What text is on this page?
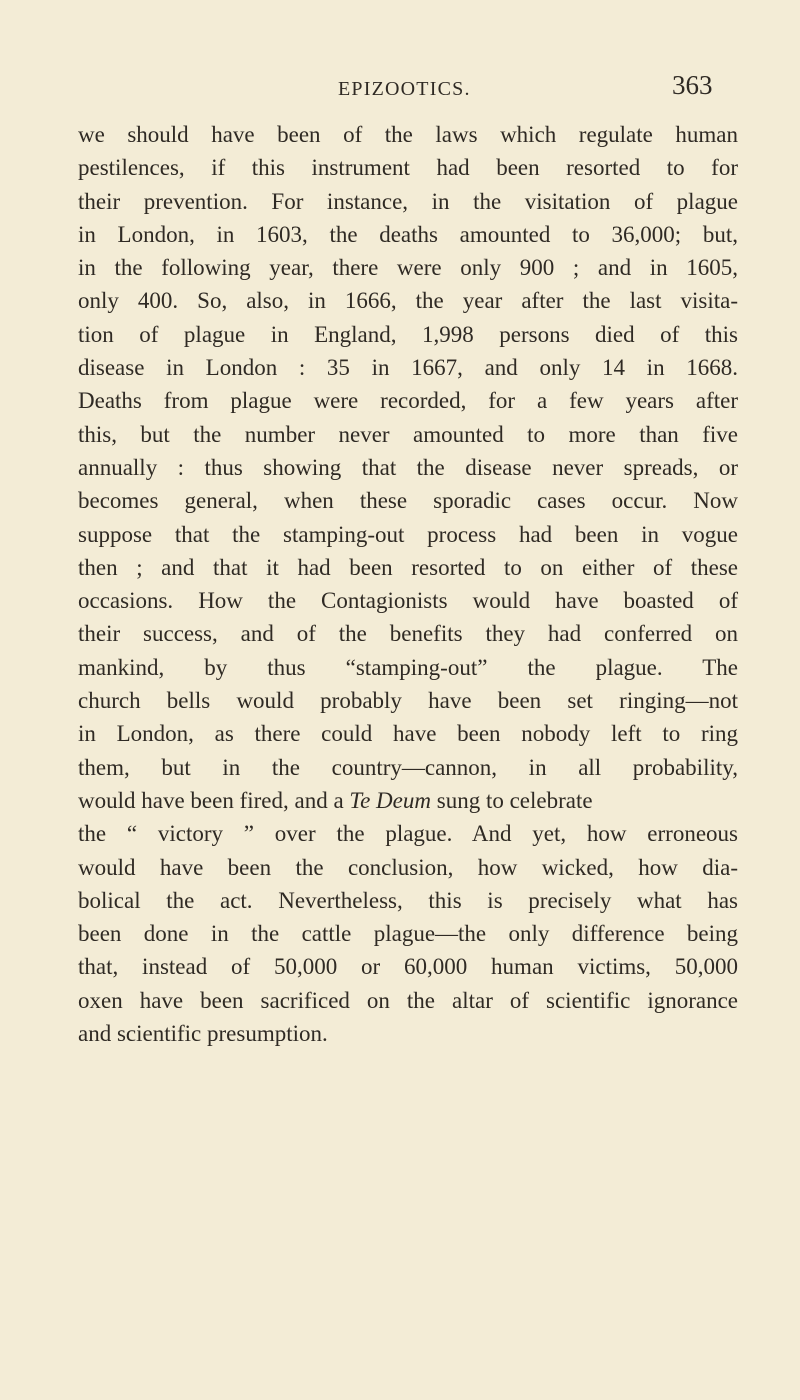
EPIZOOTICS.	363
we should have been of the laws which regulate human
pestilences, if this instrument had been resorted to for
their prevention. For instance, in the visitation of plague
in London, in 1603, the deaths amounted to 36,000; but,
in the following year, there were only 900 ; and in 1605,
only 400. So, also, in 1666, the year after the last visita-
tion of plague in England, 1,998 persons died of this
disease in London : 35 in 1667, and only 14 in 1668.
Deaths from plague were recorded, for a few years after
this, but the number never amounted to more than five
annually : thus showing that the disease never spreads, or
becomes general, when these sporadic cases occur. Now
suppose that the stamping-out process had been in vogue
then ; and that it had been resorted to on either of these
occasions. How the Contagionists would have boasted of
their success, and of the benefits they had conferred on
mankind, by thus “stamping-out” the plague. The
church bells would probably have been set ringing—not
in London, as there could have been nobody left to ring
them, but in the country—cannon, in all probability,
would have been fired, and a Te Deum sung to celebrate
the “ victory ” over the plague. And yet, how erroneous
would have been the conclusion, how wicked, how dia-
bolical the act. Nevertheless, this is precisely what has
been done in the cattle plague—the only difference being
that, instead of 50,000 or 60,000 human victims, 50,000
oxen have been sacrificed on the altar of scientific ignorance
and scientific presumption.
